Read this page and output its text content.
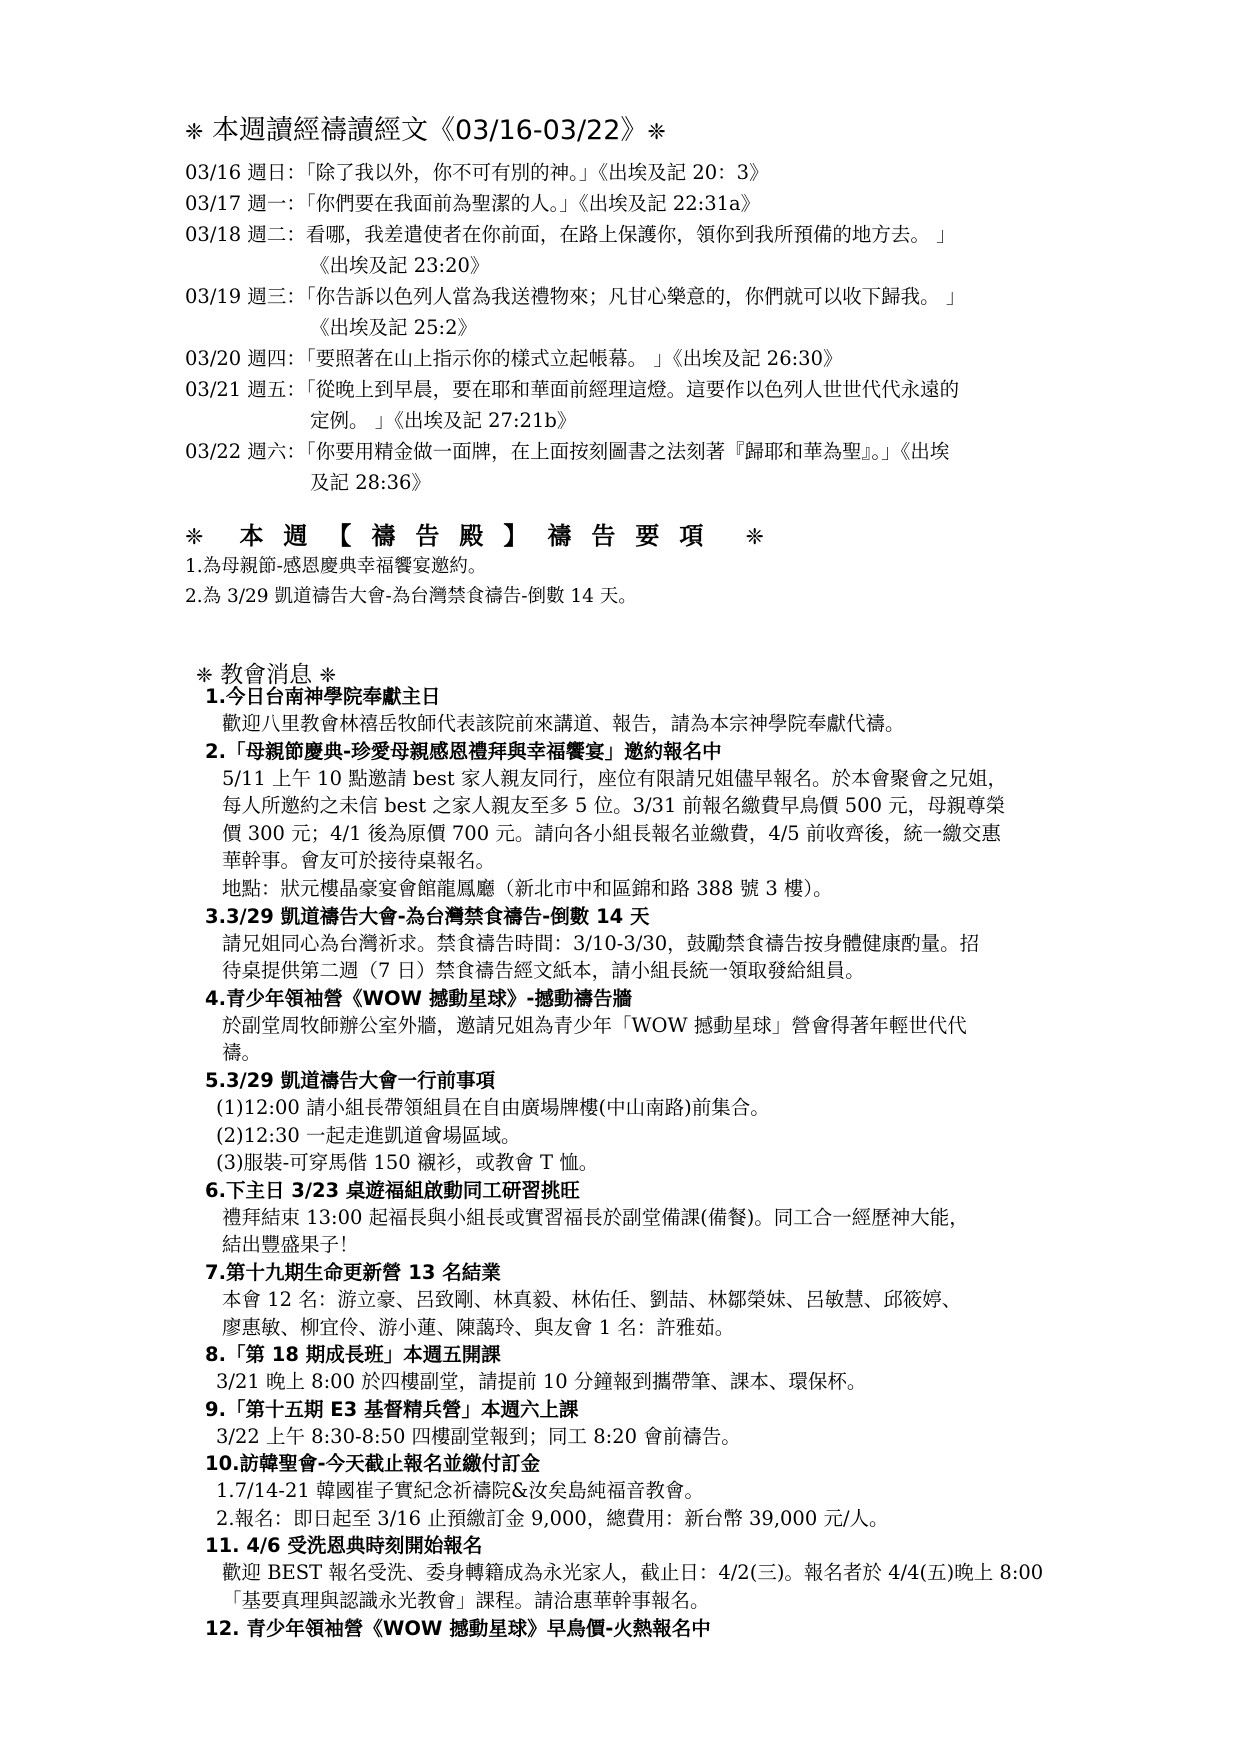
❈ 本週讀經禱讀經文《03/16-03/22》❈
03/16 週日：「除了我以外，你不可有別的神。」《出埃及記 20：3》
03/17 週一：「你們要在我面前為聖潔的人。」《出埃及記 22:31a》
03/18 週二：看哪，我差遣使者在你前面，在路上保護你，領你到我所預備的地方去。 」
《出埃及記 23:20》
03/19 週三：「你告訴以色列人當為我送禮物來；凡甘心樂意的，你們就可以收下歸我。 」
《出埃及記 25:2》
03/20 週四：「要照著在山上指示你的樣式立起帳幕。 」《出埃及記 26:30》
03/21 週五：「從晚上到早晨，要在耶和華面前經理這燈。這要作以色列人世世代代永遠的
定例。 」《出埃及記 27:21b》
03/22 週六：「你要用精金做一面牌，在上面按刻圖書之法刻著『歸耶和華為聖』。」《出埃
及記 28:36》
❈ 本週【禱告殿】禱告要項 ❈
1.為母親節-感恩慶典幸福饗宴邀約。
2.為 3/29 凱道禱告大會-為台灣禁食禱告-倒數 14 天。
❈ 教會消息 ❈
1.今日台南神學院奉獻主日
歡迎八里教會林禧岳牧師代表該院前來講道、報告，請為本宗神學院奉獻代禱。
2.「母親節慶典-珍愛母親感恩禮拜與幸福饗宴」邀約報名中
5/11 上午 10 點邀請 best 家人親友同行，座位有限請兄姐儘早報名。於本會聚會之兄姐，
每人所邀約之未信 best 之家人親友至多 5 位。3/31 前報名繳費早鳥價 500 元，母親尊榮
價 300 元；4/1 後為原價 700 元。請向各小組長報名並繳費，4/5 前收齊後，統一繳交惠
華幹事。會友可於接待桌報名。
地點：狀元樓晶豪宴會館龍鳳廳（新北市中和區錦和路 388 號 3 樓）。
3.3/29 凱道禱告大會-為台灣禁食禱告-倒數 14 天
請兄姐同心為台灣祈求。禁食禱告時間：3/10-3/30，鼓勵禁食禱告按身體健康酌量。招
待桌提供第二週（7 日）禁食禱告經文紙本，請小組長統一領取發給組員。
4.青少年領袖營《WOW 撼動星球》-撼動禱告牆
於副堂周牧師辦公室外牆，邀請兄姐為青少年「WOW 撼動星球」營會得著年輕世代代
禱。
5.3/29 凱道禱告大會一行前事項
(1)12:00 請小組長帶領組員在自由廣場牌樓(中山南路)前集合。
(2)12:30 一起走進凱道會場區域。
(3)服裝-可穿馬偕 150 襯衫，或教會 T 恤。
6.下主日 3/23 桌遊福組啟動同工研習挑旺
禮拜結束 13:00 起福長與小組長或實習福長於副堂備課(備餐)。同工合一經歷神大能，
結出豐盛果子！
7.第十九期生命更新營 13 名結業
本會 12 名：游立豪、呂致剛、林真毅、林佑任、劉喆、林鄒榮妹、呂敏慧、邱筱婷、
廖惠敏、柳宜伶、游小蓮、陳藹玲、與友會 1 名：許雅茹。
8.「第 18 期成長班」本週五開課
3/21 晚上 8:00 於四樓副堂，請提前 10 分鐘報到攜帶筆、課本、環保杯。
9.「第十五期 E3 基督精兵營」本週六上課
3/22 上午 8:30-8:50 四樓副堂報到；同工 8:20 會前禱告。
10.訪韓聖會-今天截止報名並繳付訂金
1.7/14-21 韓國崔子實紀念祈禱院&汝矣島純福音教會。
2.報名：即日起至 3/16 止預繳訂金 9,000，總費用：新台幣 39,000 元/人。
11. 4/6 受洗恩典時刻開始報名
歡迎 BEST 報名受洗、委身轉籍成為永光家人，截止日：4/2(三)。報名者於 4/4(五)晚上 8:00
「基要真理與認識永光教會」課程。請洽惠華幹事報名。
12. 青少年領袖營《WOW 撼動星球》早鳥價-火熱報名中
